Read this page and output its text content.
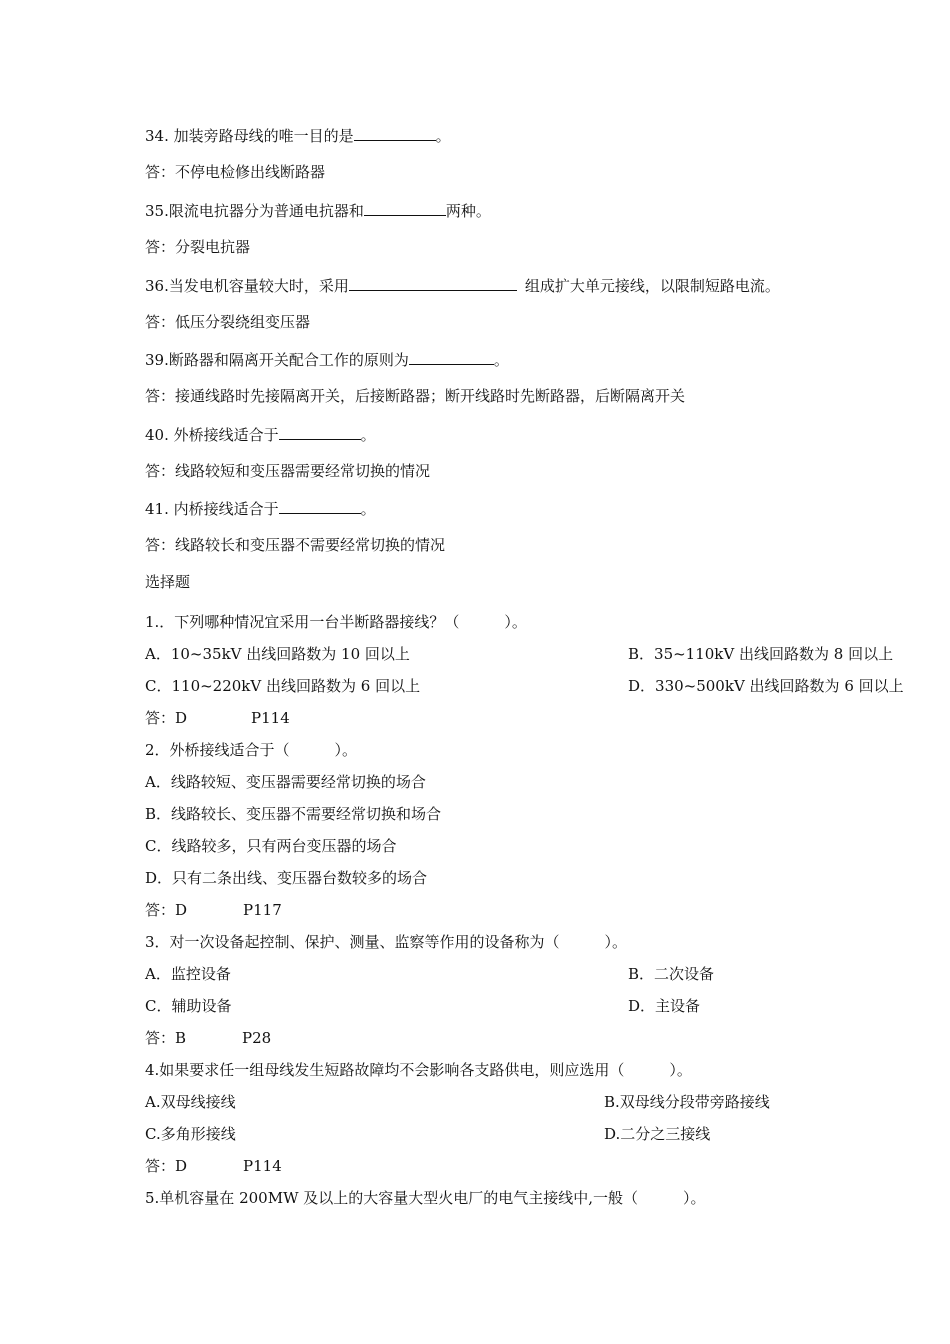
34. 加装旁路母线的唯一目的是	。
答：不停电检修出线断路器
35.限流电抗器分为普通电抗器和	两种。
答：分裂电抗器
36.当发电机容量较大时，采用	组成扩大单元接线，以限制短路电流。
答：低压分裂绕组变压器
39.断路器和隔离开关配合工作的原则为	。
答：接通线路时先接隔离开关，后接断路器；断开线路时先断路器，后断隔离开关
40. 外桥接线适合于	。
答：线路较短和变压器需要经常切换的情况
41. 内桥接线适合于	。
答：线路较长和变压器不需要经常切换的情况
选择题
1.．下列哪种情况宜采用一台半断路器接线？（　　　）。
A．10~35kV 出线回路数为 10 回以上	B．35~110kV 出线回路数为 8 回以上
C．110~220kV 出线回路数为 6 回以上	D．330~500kV 出线回路数为 6 回以上
答：D	P114
2．外桥接线适合于（　　　）。
A．线路较短、变压器需要经常切换的场合
B．线路较长、变压器不需要经常切换和场合
C．线路较多，只有两台变压器的场合
D．只有二条出线、变压器台数较多的场合
答：D	P117
3．对一次设备起控制、保护、测量、监察等作用的设备称为（　　　）。
A．监控设备	B．二次设备
C．辅助设备	D．主设备
答：B	P28
4.如果要求任一组母线发生短路故障均不会影响各支路供电，则应选用（　　　）。
A.双母线接线	B.双母线分段带旁路接线
C.多角形接线	D.二分之三接线
答：D	P114
5.单机容量在 200MW 及以上的大容量大型火电厂的电气主接线中,一般（　　　）。
